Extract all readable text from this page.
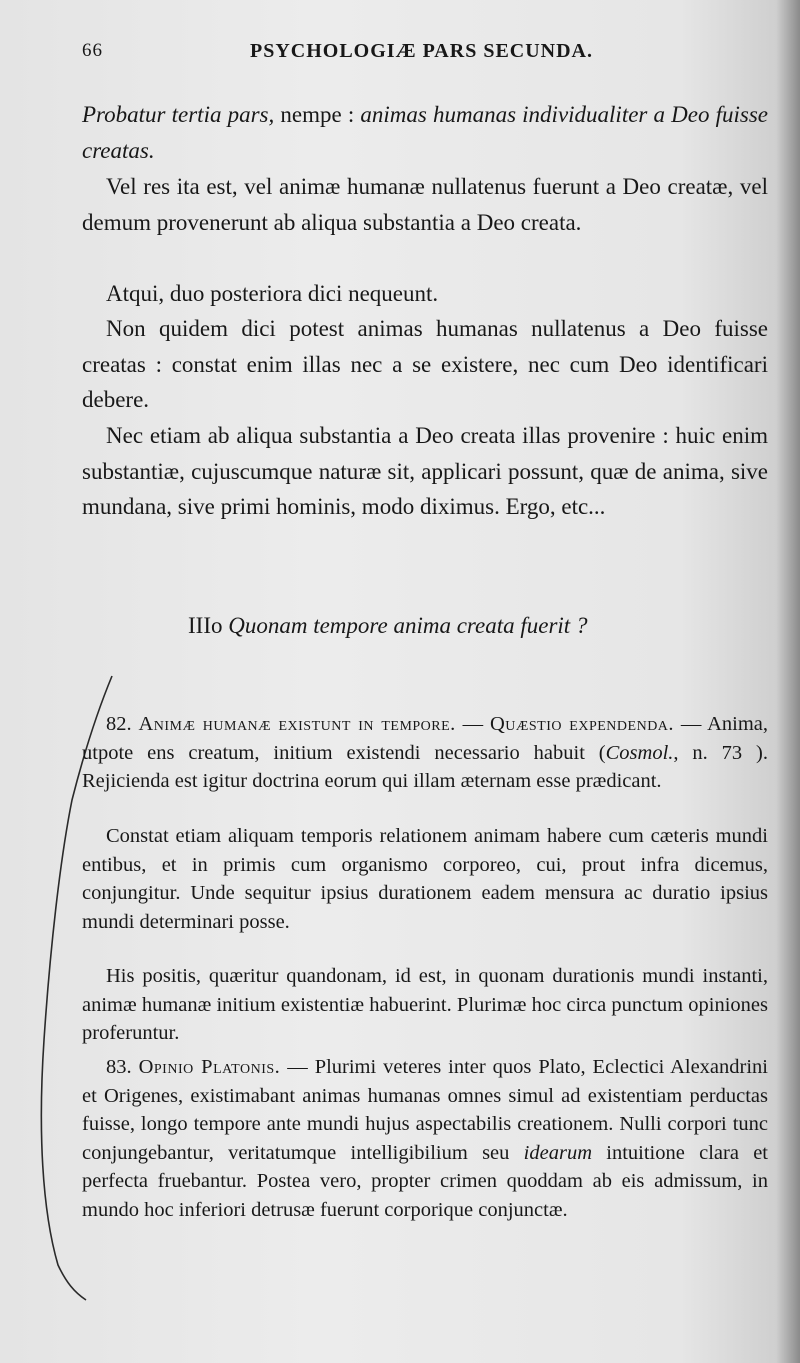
66	PSYCHOLOGIÆ PARS SECUNDA.

Probatur tertia pars, nempe : animas humanas individualiter a Deo fuisse creatas.

Vel res ita est, vel animæ humanæ nullatenus fuerunt a Deo creatæ, vel demum provenerunt ab aliqua substantia a Deo creata.

Atqui, duo posteriora dici nequeunt.

Non quidem dici potest animas humanas nullatenus a Deo fuisse creatas : constat enim illas nec a se existere, nec cum Deo identificari debere.

Nec etiam ab aliqua substantia a Deo creata illas provenire : huic enim substantiæ, cujuscumque naturæ sit, applicari possunt, quæ de anima, sive mundana, sive primi hominis, modo diximus. Ergo, etc...

IIIo Quonam tempore anima creata fuerit ?

82. Animæ humanæ existunt in tempore. — Quæstio expendenda. — Anima, utpote ens creatum, initium existendi necessario habuit (Cosmol., n. 73 ). Rejicienda est igitur doctrina eorum qui illam æternam esse prædicant.

Constat etiam aliquam temporis relationem animam habere cum cæteris mundi entibus, et in primis cum organismo corporeo, cui, prout infra dicemus, conjungitur. Unde sequitur ipsius durationem eadem mensura ac duratio ipsius mundi determinari posse.

His positis, quæritur quandonam, id est, in quonam durationis mundi instanti, animæ humanæ initium existentiæ habuerint. Plurimæ hoc circa punctum opiniones proferuntur.

83. Opinio Platonis. — Plurimi veteres inter quos Plato, Eclectici Alexandrini et Origenes, existimabant animas humanas omnes simul ad existentiam perductas fuisse, longo tempore ante mundi hujus aspectabilis creationem. Nulli corpori tunc conjungebantur, veritatumque intelligibilium seu idearum intuitione clara et perfecta fruebantur. Postea vero, propter crimen quoddam ab eis admissum, in mundo hoc inferiori detrusæ fuerunt corporique conjunctæ.
